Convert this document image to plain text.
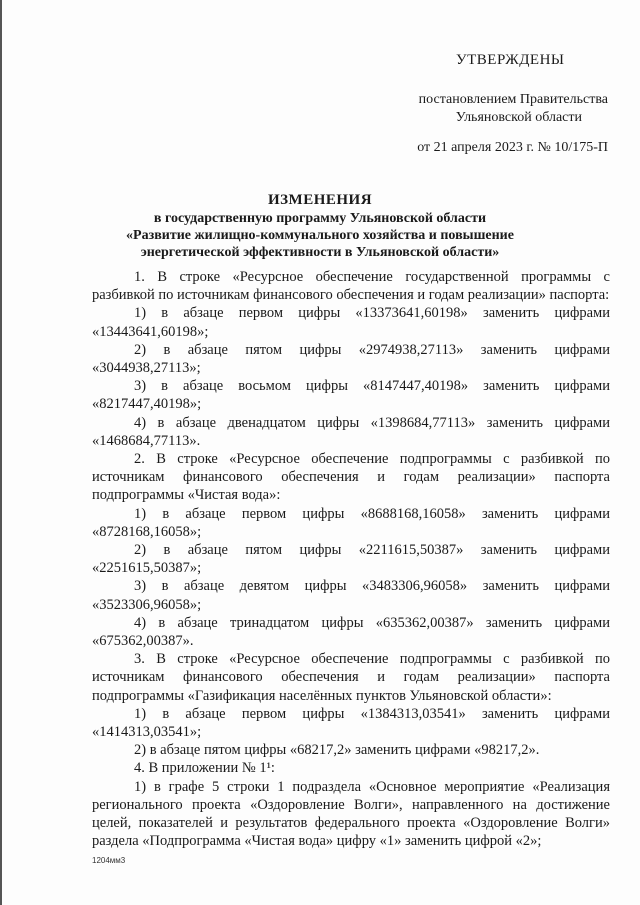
УТВЕРЖДЕНЫ
постановлением Правительства
Ульяновской области
от 21 апреля 2023 г. № 10/175-П
ИЗМЕНЕНИЯ
в государственную программу Ульяновской области
«Развитие жилищно-коммунального хозяйства и повышение
энергетической эффективности в Ульяновской области»

1. В строке «Ресурсное обеспечение государственной программы с разбивкой по источникам финансового обеспечения и годам реализации» паспорта:

1) в абзаце первом цифры «13373641,60198» заменить цифрами «13443641,60198»;

2) в абзаце пятом цифры «2974938,27113» заменить цифрами «3044938,27113»;

3) в абзаце восьмом цифры «8147447,40198» заменить цифрами «8217447,40198»;

4) в абзаце двенадцатом цифры «1398684,77113» заменить цифрами «1468684,77113».

2. В строке «Ресурсное обеспечение подпрограммы с разбивкой по источникам финансового обеспечения и годам реализации» паспорта подпрограммы «Чистая вода»:

1) в абзаце первом цифры «8688168,16058» заменить цифрами «8728168,16058»;

2) в абзаце пятом цифры «2211615,50387» заменить цифрами «2251615,50387»;

3) в абзаце девятом цифры «3483306,96058» заменить цифрами «3523306,96058»;

4) в абзаце тринадцатом цифры «635362,00387» заменить цифрами «675362,00387».

3. В строке «Ресурсное обеспечение подпрограммы с разбивкой по источникам финансового обеспечения и годам реализации» паспорта подпрограммы «Газификация населённых пунктов Ульяновской области»:

1) в абзаце первом цифры «1384313,03541» заменить цифрами «1414313,03541»;

2) в абзаце пятом цифры «68217,2» заменить цифрами «98217,2».

4. В приложении № 1¹:

1) в графе 5 строки 1 подраздела «Основное мероприятие «Реализация регионального проекта «Оздоровление Волги», направленного на достижение целей, показателей и результатов федерального проекта «Оздоровление Волги» раздела «Подпрограмма «Чистая вода» цифру «1» заменить цифрой «2»;

1204мм3
